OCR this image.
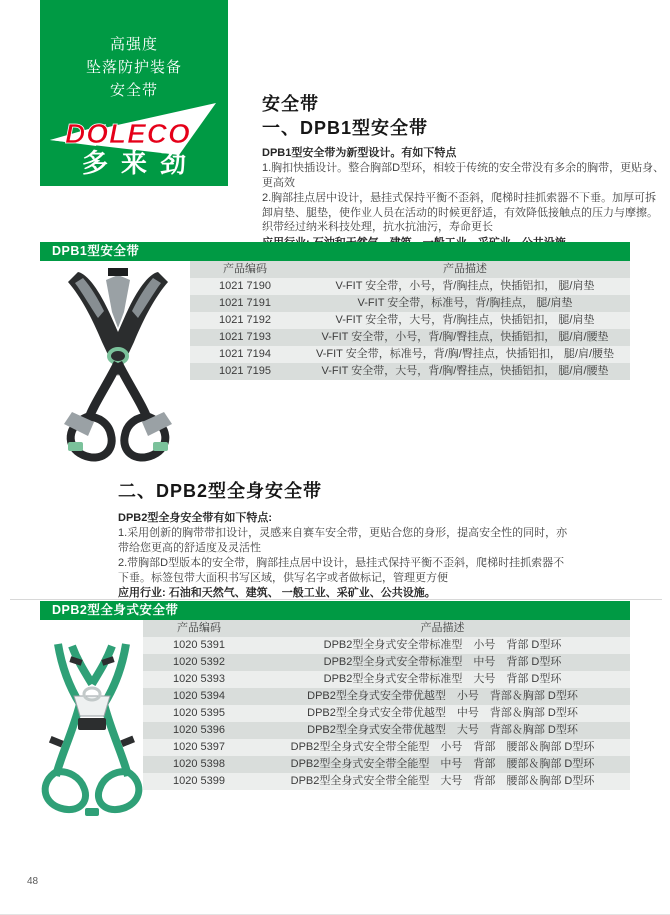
高强度
坠落防护装备
安全带
DOLECO
多来劲
安全带
一、DPB1型安全带
DPB1型安全带为新型设计。有如下特点
1.胸扣快插设计。整合胸部D型环，相较于传统的安全带没有多余的胸带，更贴身、更高效
2.胸部挂点居中设计，悬挂式保持平衡不歪斜，爬梯时挂抓索器不下垂。加厚可拆卸肩垫、腿垫，使作业人员在活动的时候更舒适，有效降低接触点的压力与摩擦。织带经过纳米科技处理，抗水抗油污，寿命更长
DPB1型安全带
产品编码	产品描述
1021 7190	V-FIT 安全带，小号，背/胸挂点，快插铝扣， 腿/肩垫
1021 7191	V-FIT 安全带，标准号，背/胸挂点， 腿/肩垫
1021 7192	V-FIT 安全带，大号，背/胸挂点，快插铝扣， 腿/肩垫
1021 7193	V-FIT 安全带，小号，背/胸/臀挂点，快插铝扣， 腿/肩/腰垫
1021 7194	V-FIT 安全带，标准号，背/胸/臀挂点，快插铝扣， 腿/肩/腰垫
1021 7195	V-FIT 安全带，大号，背/胸/臀挂点，快插铝扣， 腿/肩/腰垫
二、DPB2型全身安全带
DPB2型全身安全带有如下特点:
1.采用创新的胸带带扣设计，灵感来自赛车安全带，更贴合您的身形，提高安全性的同时，亦带给您更高的舒适度及灵活性
2.带胸部D型版本的安全带，胸部挂点居中设计，悬挂式保持平衡不歪斜，爬梯时挂抓索器不下垂。标签包带大面积书写区域，供写名字或者做标记，管理更方便
应用行业: 石油和天然气、建筑、 一般工业、采矿业、公共设施。
DPB2型全身式安全带
产品编码	产品描述
1020 5391	DPB2型全身式安全带标准型　小号　背部 D型环
1020 5392	DPB2型全身式安全带标准型　中号　背部 D型环
1020 5393	DPB2型全身式安全带标准型　大号　背部 D型环
1020 5394	DPB2型全身式安全带优越型　小号　背部＆胸部 D型环
1020 5395	DPB2型全身式安全带优越型　中号　背部＆胸部 D型环
1020 5396	DPB2型全身式安全带优越型　大号　背部＆胸部 D型环
1020 5397	DPB2型全身式安全带全能型　小号　背部　腰部＆胸部 D型环
1020 5398	DPB2型全身式安全带全能型　中号　背部　腰部＆胸部 D型环
1020 5399	DPB2型全身式安全带全能型　大号　背部　腰部＆胸部 D型环
48
